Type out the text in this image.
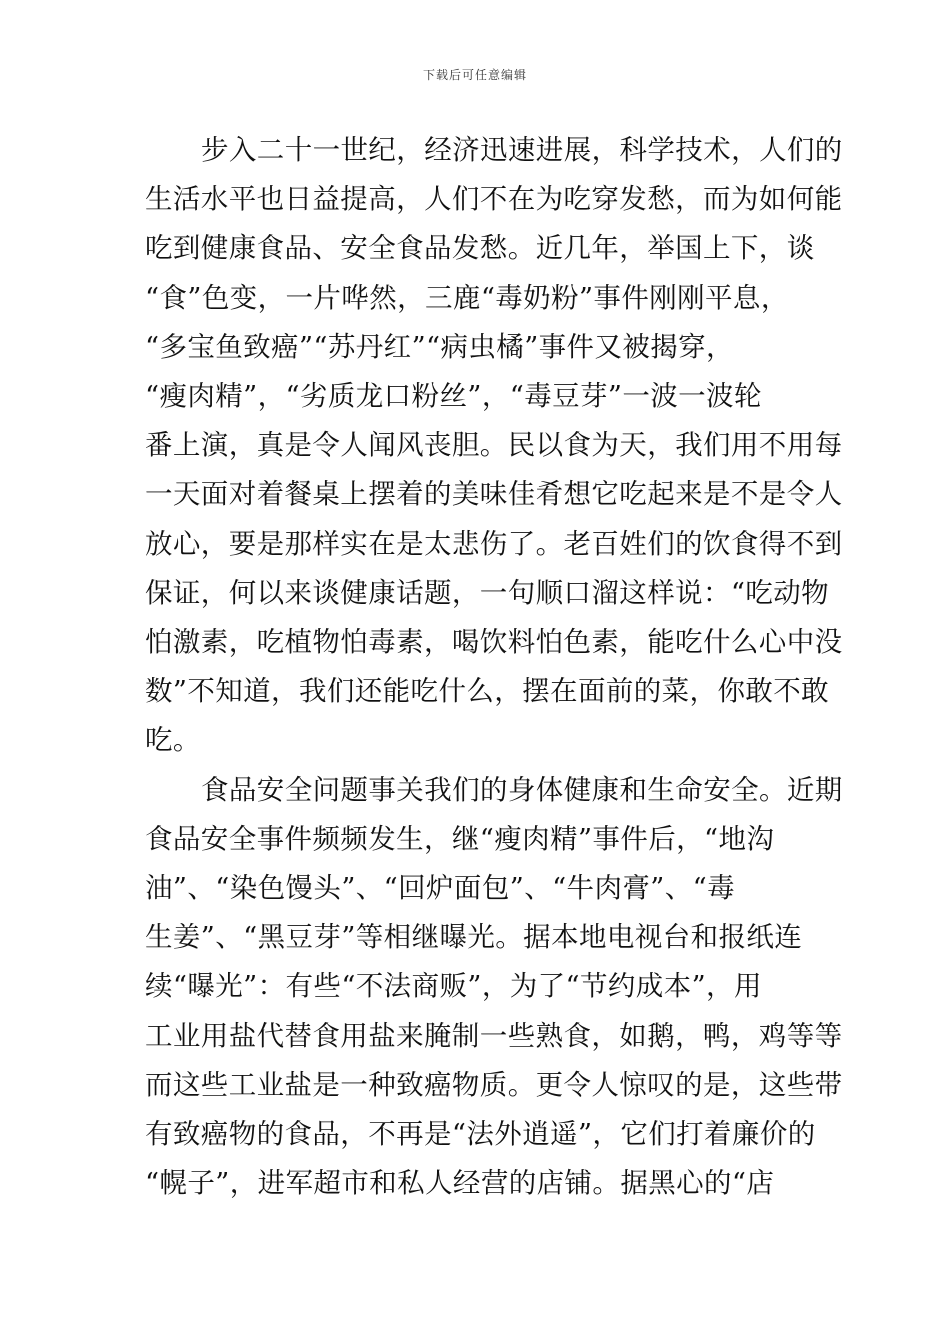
下载后可任意编辑

步入二十一世纪，经济迅速进展，科学技术，人们的
生活水平也日益提高，人们不在为吃穿发愁，而为如何能
吃到健康食品、安全食品发愁。近几年，举国上下，谈
“食”色变，一片哗然，三鹿“毒奶粉”事件刚刚平息，
“多宝鱼致癌”“苏丹红”“病虫橘”事件又被揭穿，
“瘦肉精”，“劣质龙口粉丝”，“毒豆芽”一波一波轮
番上演，真是令人闻风丧胆。民以食为天，我们用不用每
一天面对着餐桌上摆着的美味佳肴想它吃起来是不是令人
放心，要是那样实在是太悲伤了。老百姓们的饮食得不到
保证，何以来谈健康话题，一句顺口溜这样说：“吃动物
怕激素，吃植物怕毒素，喝饮料怕色素，能吃什么心中没
数”不知道，我们还能吃什么，摆在面前的菜，你敢不敢
吃。

食品安全问题事关我们的身体健康和生命安全。近期
食品安全事件频频发生，继“瘦肉精”事件后，“地沟
油”、“染色馒头”、“回炉面包”、“牛肉膏”、“毒
生姜”、“黑豆芽”等相继曝光。据本地电视台和报纸连
续“曝光”：有些“不法商贩”，为了“节约成本”，用
工业用盐代替食用盐来腌制一些熟食，如鹅，鸭，鸡等等
而这些工业盐是一种致癌物质。更令人惊叹的是，这些带
有致癌物的食品，不再是“法外逍遥”，它们打着廉价的
“幌子”，进军超市和私人经营的店铺。据黑心的“店
